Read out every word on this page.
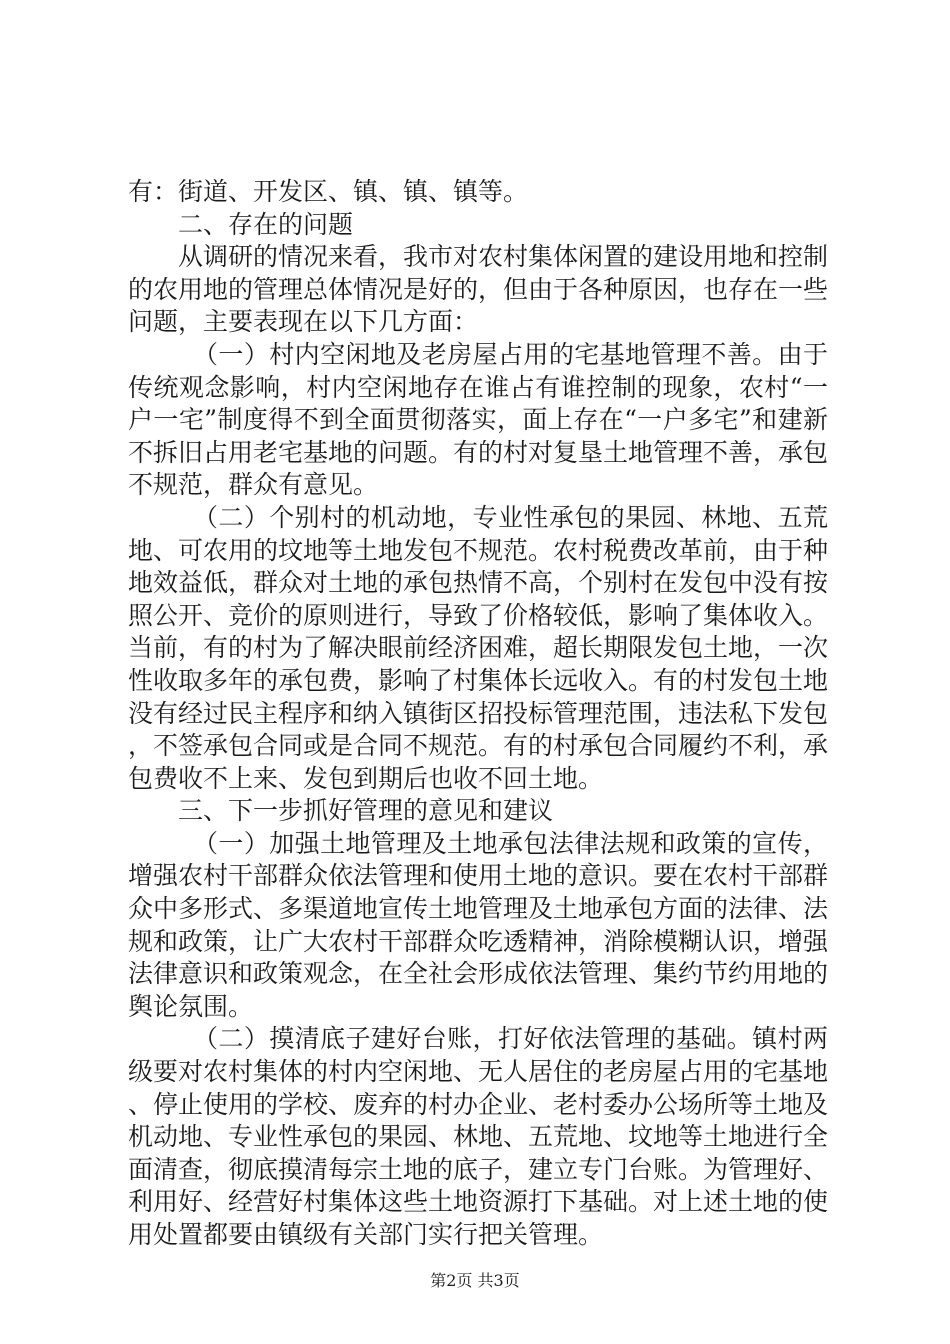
有：街道、开发区、镇、镇、镇等。

二、存在的问题

从调研的情况来看，我市对农村集体闲置的建设用地和控制的农用地的管理总体情况是好的，但由于各种原因，也存在一些问题，主要表现在以下几方面：

（一）村内空闲地及老房屋占用的宅基地管理不善。由于传统观念影响，村内空闲地存在谁占有谁控制的现象，农村“一户一宅”制度得不到全面贯彻落实，面上存在“一户多宅”和建新不拆旧占用老宅基地的问题。有的村对复垦土地管理不善，承包不规范，群众有意见。

（二）个别村的机动地，专业性承包的果园、林地、五荒地、可农用的坟地等土地发包不规范。农村税费改革前，由于种地效益低，群众对土地的承包热情不高，个别村在发包中没有按照公开、竞价的原则进行，导致了价格较低，影响了集体收入。当前，有的村为了解决眼前经济困难，超长期限发包土地，一次性收取多年的承包费，影响了村集体长远收入。有的村发包土地没有经过民主程序和纳入镇街区招投标管理范围，违法私下发包，不签承包合同或是合同不规范。有的村承包合同履约不利，承包费收不上来、发包到期后也收不回土地。

三、下一步抓好管理的意见和建议

（一）加强土地管理及土地承包法律法规和政策的宣传，增强农村干部群众依法管理和使用土地的意识。要在农村干部群众中多形式、多渠道地宣传土地管理及土地承包方面的法律、法规和政策，让广大农村干部群众吃透精神，消除模糊认识，增强法律意识和政策观念，在全社会形成依法管理、集约节约用地的舆论氛围。

（二）摸清底子建好台账，打好依法管理的基础。镇村两级要对农村集体的村内空闲地、无人居住的老房屋占用的宅基地、停止使用的学校、废弃的村办企业、老村委办公场所等土地及机动地、专业性承包的果园、林地、五荒地、坟地等土地进行全面清查，彻底摸清每宗土地的底子，建立专门台账。为管理好、利用好、经营好村集体这些土地资源打下基础。对上述土地的使用处置都要由镇级有关部门实行把关管理。

第2页 共3页
